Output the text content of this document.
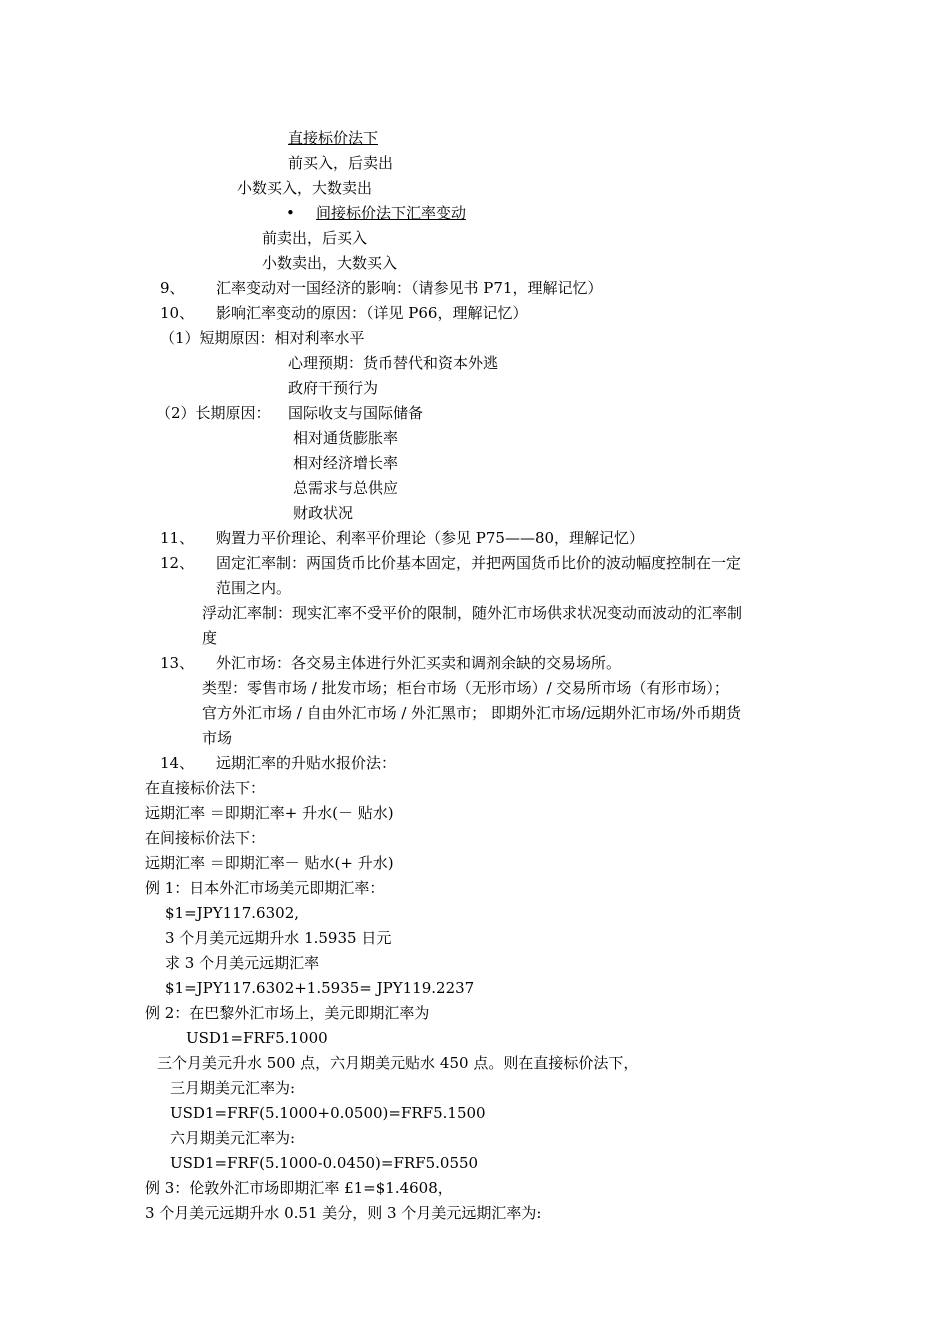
直接标价法下
前买入，后卖出
小数买入，大数卖出
• 间接标价法下汇率变动
前卖出，后买入
小数卖出，大数买入
9、 汇率变动对一国经济的影响：（请参见书 P71，理解记忆）
10、 影响汇率变动的原因：（详见 P66，理解记忆）
（1）短期原因：相对利率水平
心理预期：货币替代和资本外逃
政府干预行为
（2）长期原因： 国际收支与国际储备
相对通货膨胀率
相对经济增长率
总需求与总供应
财政状况
11、 购置力平价理论、利率平价理论（参见 P75——80，理解记忆）
12、 固定汇率制：两国货币比价基本固定，并把两国货币比价的波动幅度控制在一定
范围之内。
浮动汇率制：现实汇率不受平价的限制，随外汇市场供求状况变动而波动的汇率制
度
13、 外汇市场：各交易主体进行外汇买卖和调剂余缺的交易场所。
类型：零售市场 / 批发市场；柜台市场（无形市场）/ 交易所市场（有形市场）；
官方外汇市场 / 自由外汇市场 / 外汇黑市； 即期外汇市场/远期外汇市场/外币期货
市场
14、 远期汇率的升贴水报价法：
在直接标价法下：
远期汇率 ＝即期汇率+ 升水(－ 贴水)
在间接标价法下：
远期汇率 ＝即期汇率－ 贴水(+ 升水)
例 1：日本外汇市场美元即期汇率：
$1=JPY117.6302,
3 个月美元远期升水 1.5935 日元
求 3 个月美元远期汇率
$1=JPY117.6302+1.5935= JPY119.2237
例 2：在巴黎外汇市场上，美元即期汇率为
USD1=FRF5.1000
三个月美元升水 500 点，六月期美元贴水 450 点。则在直接标价法下，
三月期美元汇率为:
USD1=FRF(5.1000+0.0500)=FRF5.1500
六月期美元汇率为:
USD1=FRF(5.1000-0.0450)=FRF5.0550
例 3：伦敦外汇市场即期汇率 £1=$1.4608，
3 个月美元远期升水 0.51 美分，则 3 个月美元远期汇率为:
